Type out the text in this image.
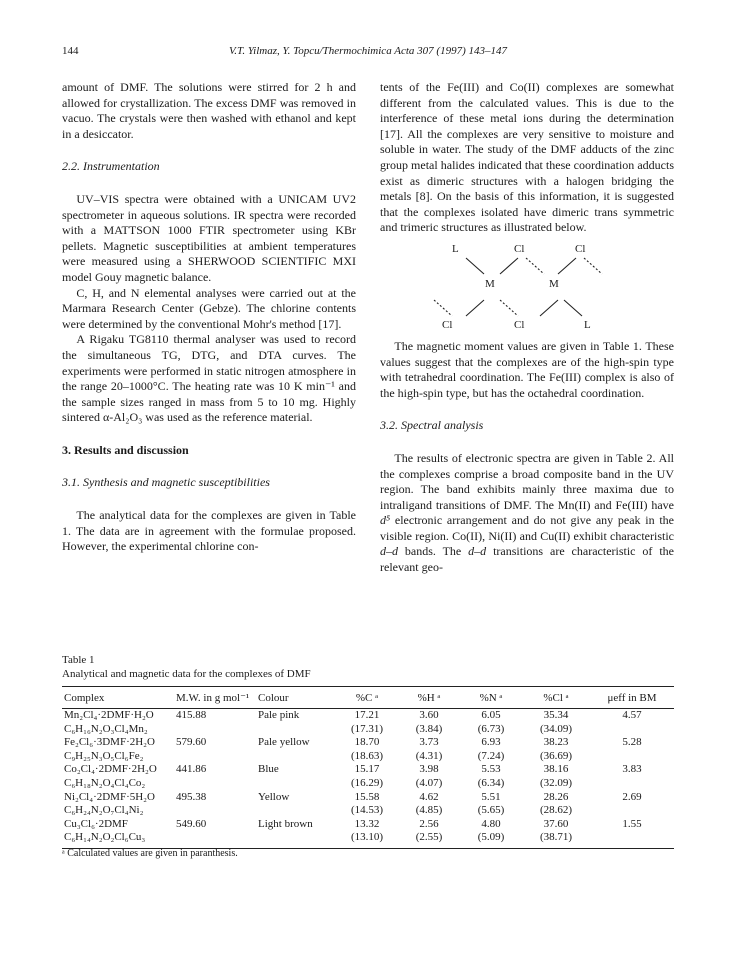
144	V.T. Yilmaz, Y. Topcu/Thermochimica Acta 307 (1997) 143–147

amount of DMF. The solutions were stirred for 2 h and allowed for crystallization. The excess DMF was removed in vacuo. The crystals were then washed with ethanol and kept in a desiccator.

2.2. Instrumentation

UV–VIS spectra were obtained with a UNICAM UV2 spectrometer in aqueous solutions. IR spectra were recorded with a MATTSON 1000 FTIR spectrometer using KBr pellets. Magnetic susceptibilities at ambient temperatures were measured using a SHERWOOD SCIENTIFIC MXI model Gouy magnetic balance.

C, H, and N elemental analyses were carried out at the Marmara Research Center (Gebze). The chlorine contents were determined by the conventional Mohr's method [17].

A Rigaku TG8110 thermal analyser was used to record the simultaneous TG, DTG, and DTA curves. The experiments were performed in static nitrogen atmosphere in the range 20–1000°C. The heating rate was 10 K min⁻¹ and the sample sizes ranged in mass from 5 to 10 mg. Highly sintered α-Al₂O₃ was used as the reference material.

3. Results and discussion

3.1. Synthesis and magnetic susceptibilities

The analytical data for the complexes are given in Table 1. The data are in agreement with the formulae proposed. However, the experimental chlorine con-

tents of the Fe(III) and Co(II) complexes are somewhat different from the calculated values. This is due to the interference of these metal ions during the determination [17]. All the complexes are very sensitive to moisture and soluble in water. The study of the DMF adducts of the zinc group metal halides indicated that these coordination adducts exist as dimeric structures with a halogen bridging the metals [8]. On the basis of this information, it is suggested that the complexes isolated have dimeric trans symmetric and trimeric structures as illustrated below.

L	Cl	Cl
M	M
Cl	Cl	L

The magnetic moment values are given in Table 1. These values suggest that the complexes are of the high-spin type with tetrahedral coordination. The Fe(III) complex is also of the high-spin type, but has the octahedral coordination.

3.2. Spectral analysis

The results of electronic spectra are given in Table 2. All the complexes comprise a broad composite band in the UV region. The band exhibits mainly three maxima due to intraligand transitions of DMF. The Mn(II) and Fe(III) have d⁵ electronic arrangement and do not give any peak in the visible region. Co(II), Ni(II) and Cu(II) exhibit characteristic d–d bands. The d–d transitions are characteristic of the relevant geo-

Table 1
Analytical and magnetic data for the complexes of DMF
Complex	M.W. in g mol⁻¹	Colour	%C ᵃ	%H ᵃ	%N ᵃ	%Cl ᵃ	μeff in BM
Mn₂Cl₄·2DMF·H₂O	415.88	Pale pink	17.21	3.60	6.05	35.34	4.57
C₆H₁₆N₂O₃Cl₄Mn₂			(17.31)	(3.84)	(6.73)	(34.09)	
Fe₂Cl₆·3DMF·2H₂O	579.60	Pale yellow	18.70	3.73	6.93	38.23	5.28
C₉H₂₅N₃O₅Cl₆Fe₂			(18.63)	(4.31)	(7.24)	(36.69)	
Co₂Cl₄·2DMF·2H₂O	441.86	Blue	15.17	3.98	5.53	38.16	3.83
C₆H₁₈N₂O₄Cl₄Co₂			(16.29)	(4.07)	(6.34)	(32.09)	
Ni₂Cl₄·2DMF·5H₂O	495.38	Yellow	15.58	4.62	5.51	28.26	2.69
C₆H₂₄N₂O₇Cl₄Ni₂			(14.53)	(4.85)	(5.65)	(28.62)	
Cu₃Cl₆·2DMF	549.60	Light brown	13.32	2.56	4.80	37.60	1.55
C₆H₁₄N₂O₂Cl₆Cu₃			(13.10)	(2.55)	(5.09)	(38.71)	
ᵃ Calculated values are given in paranthesis.
